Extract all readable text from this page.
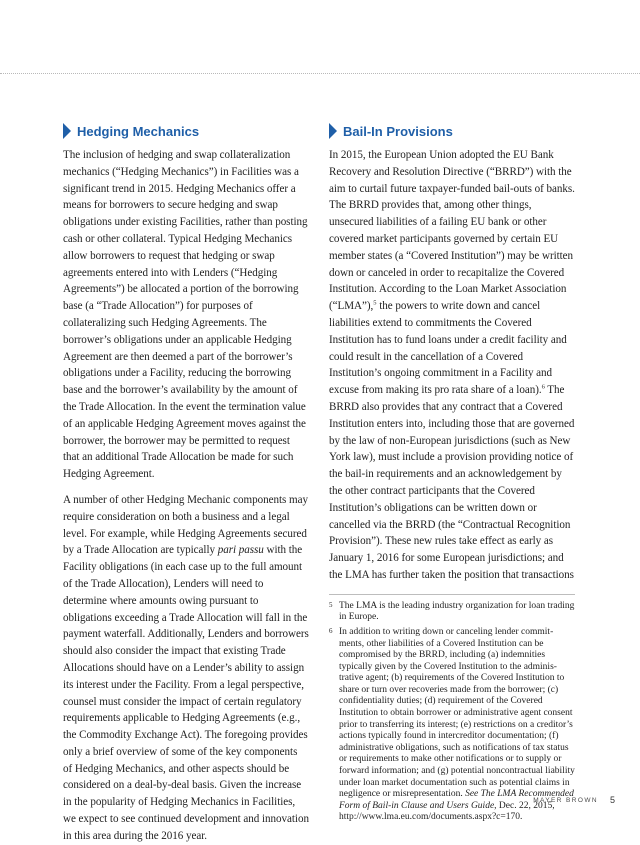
Hedging Mechanics

The inclusion of hedging and swap collateralization mechanics (“Hedging Mechanics”) in Facilities was a significant trend in 2015. Hedging Mechanics offer a means for borrowers to secure hedging and swap obligations under existing Facilities, rather than posting cash or other collateral. Typical Hedging Mechanics allow borrowers to request that hedging or swap agreements entered into with Lenders (“Hedging Agreements”) be allocated a portion of the borrowing base (a “Trade Allocation”) for purposes of collateralizing such Hedging Agreements. The borrower’s obligations under an applicable Hedging Agreement are then deemed a part of the borrower’s obligations under a Facility, reducing the borrowing base and the borrower’s availability by the amount of the Trade Allocation. In the event the termination value of an applicable Hedging Agreement moves against the borrower, the borrower may be permitted to request that an additional Trade Allocation be made for such Hedging Agreement.

A number of other Hedging Mechanic components may require consideration on both a business and a legal level. For example, while Hedging Agreements secured by a Trade Allocation are typically pari passu with the Facility obligations (in each case up to the full amount of the Trade Allocation), Lenders will need to determine where amounts owing pursuant to obligations exceeding a Trade Allocation will fall in the payment waterfall. Additionally, Lenders and borrowers should also consider the impact that existing Trade Allocations should have on a Lender’s ability to assign its interest under the Facility. From a legal perspective, counsel must consider the impact of certain regulatory requirements applicable to Hedging Agreements (e.g., the Commodity Exchange Act). The foregoing provides only a brief overview of some of the key components of Hedging Mechanics, and other aspects should be considered on a deal-by-deal basis. Given the increase in the popularity of Hedging Mechanics in Facilities, we expect to see continued development and innovation in this area during the 2016 year.

Bail-In Provisions

In 2015, the European Union adopted the EU Bank Recovery and Resolution Directive (“BRRD”) with the aim to curtail future taxpayer-funded bail-outs of banks. The BRRD provides that, among other things, unsecured liabilities of a failing EU bank or other covered market participants governed by certain EU member states (a “Covered Institution”) may be written down or canceled in order to recapitalize the Covered Institution. According to the Loan Market Association (“LMA”),$^5$ the powers to write down and cancel liabilities extend to commitments the Covered Institution has to fund loans under a credit facility and could result in the cancellation of a Covered Institution’s ongoing commitment in a Facility and excuse from making its pro rata share of a loan).$^6$ The BRRD also provides that any contract that a Covered Institution enters into, including those that are governed by the law of non-European jurisdictions (such as New York law), must include a provision providing notice of the bail-in requirements and an acknowledgement by the other contract participants that the Covered Institution’s obligations can be written down or cancelled via the BRRD (the “Contractual Recognition Provision”). These new rules take effect as early as January 1, 2016 for some European jurisdictions; and the LMA has further taken the position that transactions

5 The LMA is the leading industry organization for loan trading in Europe.
6 In addition to writing down or canceling lender commitments, other liabilities of a Covered Institution can be compromised by the BRRD, including (a) indemnities typically given by the Covered Institution to the administrative agent; (b) requirements of the Covered Institution to share or turn over recoveries made from the borrower; (c) confidentiality duties; (d) requirement of the Covered Institution to obtain borrower or administrative agent consent prior to transferring its interest; (e) restrictions on a creditor’s actions typically found in intercreditor documentation; (f) administrative obligations, such as notifications of tax status or requirements to make other notifications or to supply or forward information; and (g) potential noncontractual liability under loan market documentation such as potential claims in negligence or misrepresentation. See The LMA Recommended Form of Bail-in Clause and Users Guide, Dec. 22, 2015, http://www.lma.eu.com/documents.aspx?c=170.
MAYER BROWN 5
